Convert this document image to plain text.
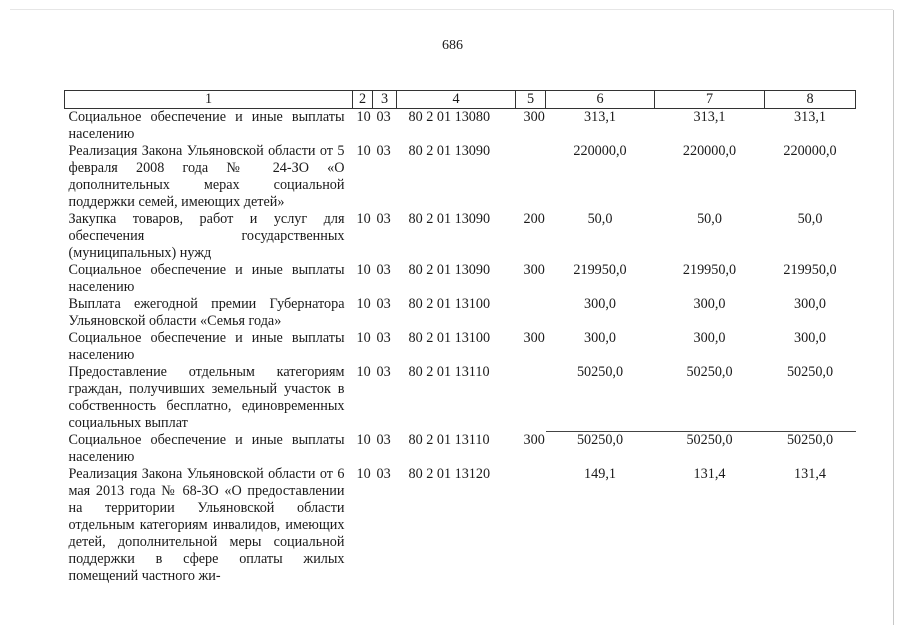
686
1	2	3	4	5	6	7	8
Социальное обеспечение и иные выплаты населению	10	03	80 2 01 13080	300	313,1	313,1	313,1
Реализация Закона Ульяновской области от 5 февраля 2008 года № 24-ЗО «О дополнительных мерах социальной поддержки семей, имеющих детей»	10	03	80 2 01 13090		220000,0	220000,0	220000,0
Закупка товаров, работ и услуг для обеспечения государственных (муниципальных) нужд	10	03	80 2 01 13090	200	50,0	50,0	50,0
Социальное обеспечение и иные выплаты населению	10	03	80 2 01 13090	300	219950,0	219950,0	219950,0
Выплата ежегодной премии Губернатора Ульяновской области «Семья года»	10	03	80 2 01 13100		300,0	300,0	300,0
Социальное обеспечение и иные выплаты населению	10	03	80 2 01 13100	300	300,0	300,0	300,0
Предоставление отдельным категориям граждан, получивших земельный участок в собственность бесплатно, единовременных социальных выплат	10	03	80 2 01 13110		50250,0	50250,0	50250,0

Социальное обеспечение и иные выплаты населению	10	03	80 2 01 13110	300	50250,0	50250,0	50250,0
Реализация Закона Ульяновской области от 6 мая 2013 года № 68-ЗО «О предоставлении на территории Ульяновской области отдельным категориям инвалидов, имеющих детей, дополнительной меры социальной поддержки в сфере оплаты жилых помещений частного жи-	10	03	80 2 01 13120		149,1	131,4	131,4
